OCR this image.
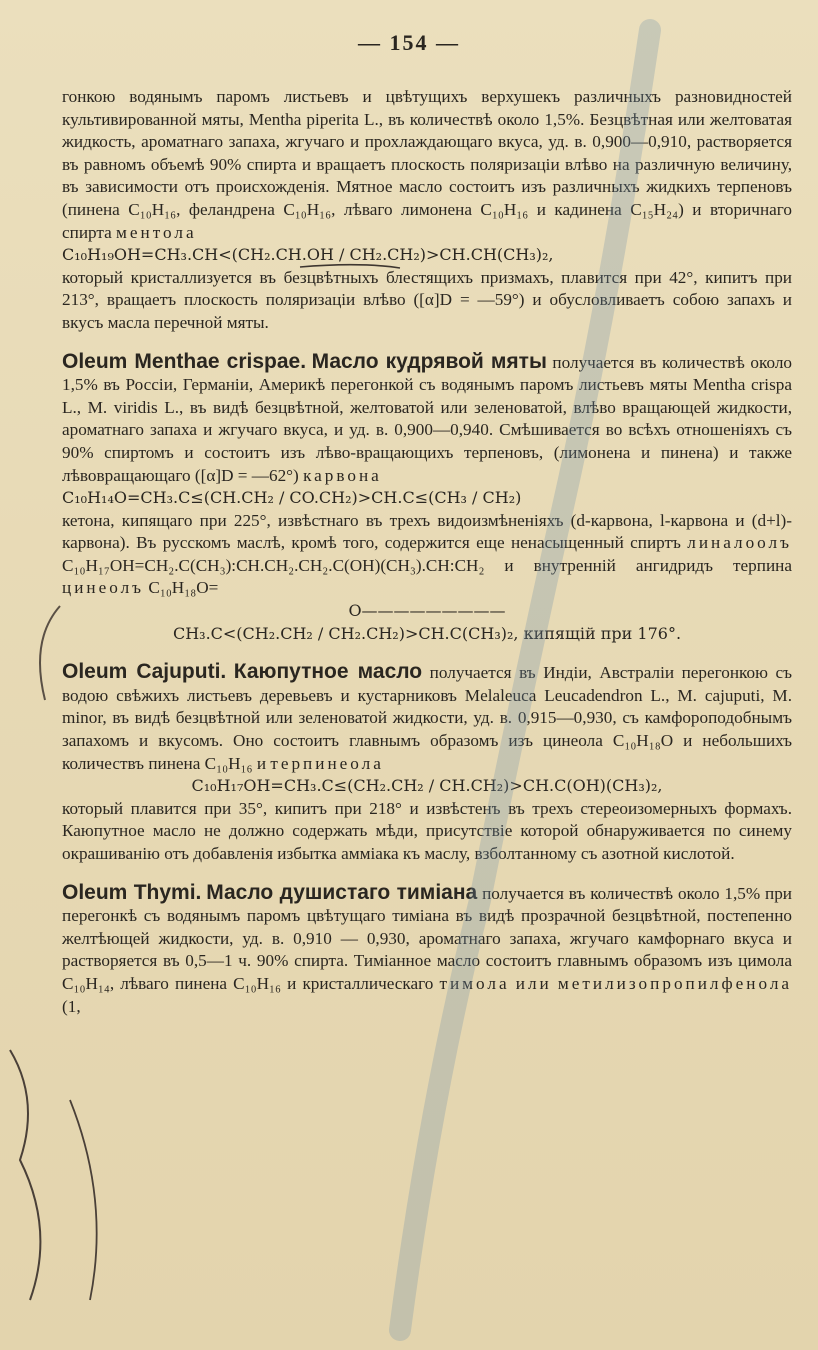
— 154 —

гонкою водянымъ паромъ листьевъ и цвѣтущихъ верхушекъ различныхъ разновидностей культивированной мяты, Mentha piperita L., въ количествѣ около 1,5%. Безцвѣтная или желтоватая жидкость, ароматнаго запаха, жгучаго и прохлаждающаго вкуса, уд. в. 0,900—0,910, растворяется въ равномъ объемѣ 90% спирта и вращаетъ плоскость поляризацiи влѣво на различную величину, въ зависимости отъ происхожденiя. Мятное масло состоитъ изъ различныхъ жидкихъ терпеновъ (пинена C₁₀H₁₆, феландрена C₁₀H₁₆, лѣваго лимонена C₁₀H₁₆ и кадинена C₁₅H₂₄) и вторичнаго спирта ментола

C₁₀H₁₉OH=CH₃.CH<(CH₂.CH.OH / CH₂.CH₂)>CH.CH(CH₃)₂,

который кристаллизуется въ безцвѣтныхъ блестящихъ призмахъ, плавится при 42°, кипитъ при 213°, вращаетъ плоскость поляризацiи влѣво ([α]D = —59°) и обусловливаетъ собою запахъ и вкусъ масла перечной мяты.

Oleum Menthae crispae. Масло кудрявой мяты получается въ количествѣ около 1,5% въ Россiи, Германiи, Америкѣ перегонкой съ водянымъ паромъ листьевъ мяты Mentha crispa L., M. viridis L., въ видѣ безцвѣтной, желтоватой или зеленоватой, влѣво вращающей жидкости, ароматнаго запаха и жгучаго вкуса, и уд. в. 0,900—0,940. Смѣшивается во всѣхъ отношенiяхъ съ 90% спиртомъ и состоитъ изъ лѣво-вращающихъ терпеновъ, (лимонена и пинена) и также лѣвовращающаго ([α]D = —62°) карвона

C₁₀H₁₄O=CH₃.C≤(CH.CH₂ / CO.CH₂)>CH.C≤(CH₃ / CH₂)

кетона, кипящаго при 225°, извѣстнаго въ трехъ видоизмѣненiяхъ (d-карвона, l-карвона и (d+l)-карвона). Въ русскомъ маслѣ, кромѣ того, содержится еще ненасыщенный спиртъ линалоолъ C₁₀H₁₇OH=CH₂.C(CH₃):CH.CH₂.CH₂.C(OH)(CH₃).CH:CH₂ и внутреннiй ангидридъ терпина цинеолъ C₁₀H₁₈O=

O—————————

CH₃.C<(CH₂.CH₂ / CH₂.CH₂)>CH.C(CH₃)₂, кипящiй при 176°.

Oleum Cajuputi. Каюпутное масло получается въ Индiи, Австралiи перегонкою съ водою свѣжихъ листьевъ деревьевъ и кустарниковъ Melaleuca Leucadendron L., M. cajuputi, M. minor, въ видѣ безцвѣтной или зеленоватой жидкости, уд. в. 0,915—0,930, съ камфороподобнымъ запахомъ и вкусомъ. Оно состоитъ главнымъ образомъ изъ цинеола C₁₀H₁₈O и небольшихъ количествъ пинена C₁₀H₁₆ и терпинеола

C₁₀H₁₇OH=CH₃.C≤(CH₂.CH₂ / CH.CH₂)>CH.C(OH)(CH₃)₂,

который плавится при 35°, кипитъ при 218° и извѣстенъ въ трехъ стереоизомерныхъ формахъ. Каюпутное масло не должно содержать мѣди, присутствiе которой обнаруживается по синему окрашиванiю отъ добавленiя избытка амміака къ маслу, взболтанному съ азотной кислотой.

Oleum Thymi. Масло душистаго тимiана получается въ количествѣ около 1,5% при перегонкѣ съ водянымъ паромъ цвѣтущаго тимiана въ видѣ прозрачной безцвѣтной, постепенно желтѣющей жидкости, уд. в. 0,910 — 0,930, ароматнаго запаха, жгучаго камфорнаго вкуса и растворяется въ 0,5—1 ч. 90% спирта. Тимiанное масло состоитъ главнымъ образомъ изъ цимола C₁₀H₁₄, лѣваго пинена C₁₀H₁₆ и кристаллическаго тимола или метилизопропилфенола (1,
